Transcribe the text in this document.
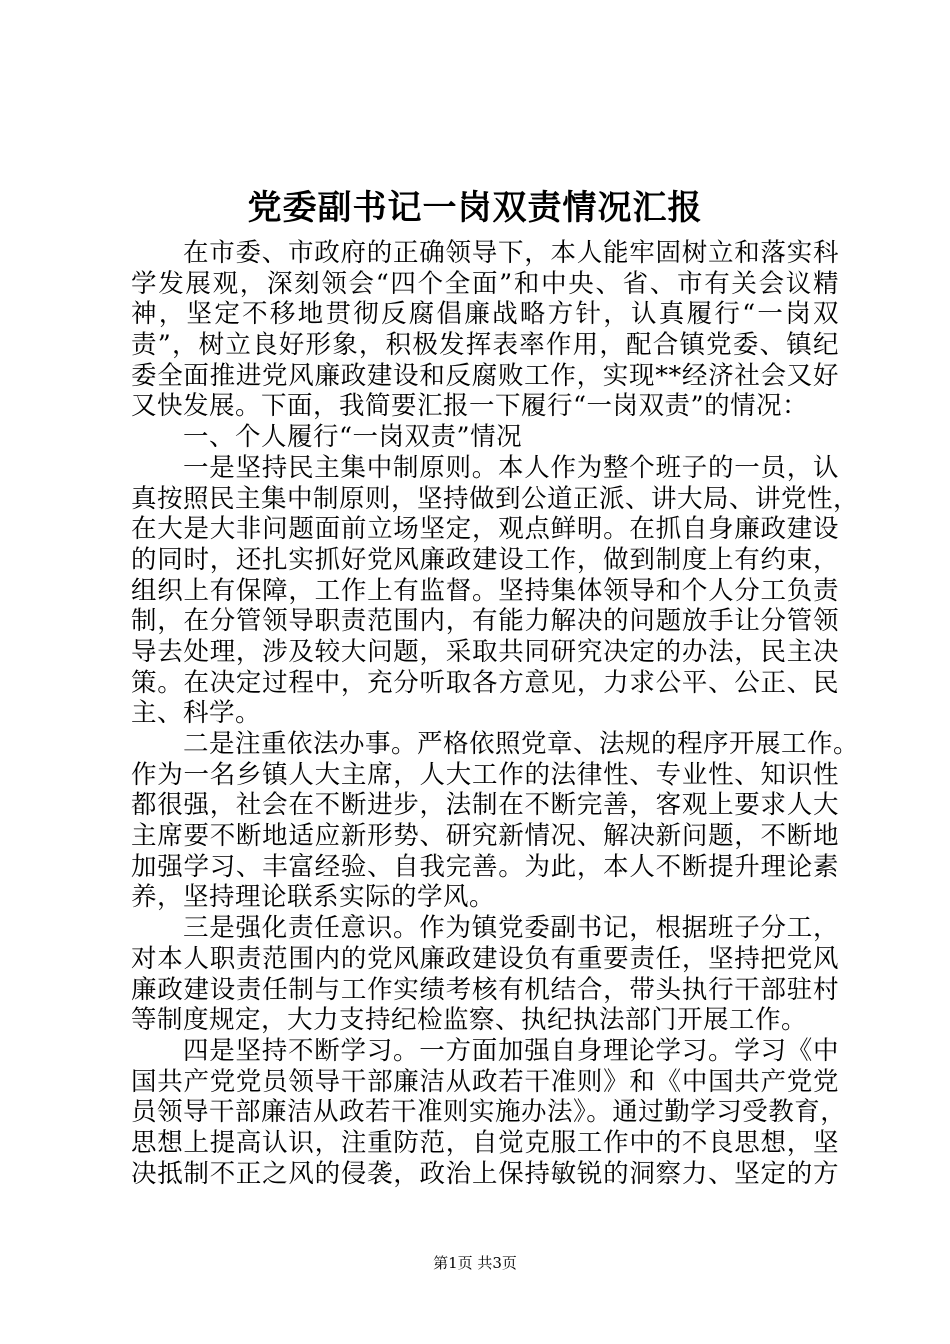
党委副书记一岗双责情况汇报
在市委、市政府的正确领导下，本人能牢固树立和落实科
学发展观，深刻领会“四个全面”和中央、省、市有关会议精
神，坚定不移地贯彻反腐倡廉战略方针，认真履行“一岗双
责”，树立良好形象，积极发挥表率作用，配合镇党委、镇纪
委全面推进党风廉政建设和反腐败工作，实现**经济社会又好
又快发展。下面，我简要汇报一下履行“一岗双责”的情况：
一、个人履行“一岗双责”情况
一是坚持民主集中制原则。本人作为整个班子的一员，认
真按照民主集中制原则，坚持做到公道正派、讲大局、讲党性，
在大是大非问题面前立场坚定，观点鲜明。在抓自身廉政建设
的同时，还扎实抓好党风廉政建设工作，做到制度上有约束，
组织上有保障，工作上有监督。坚持集体领导和个人分工负责
制，在分管领导职责范围内，有能力解决的问题放手让分管领
导去处理，涉及较大问题，采取共同研究决定的办法，民主决
策。在决定过程中，充分听取各方意见，力求公平、公正、民
主、科学。
二是注重依法办事。严格依照党章、法规的程序开展工作。
作为一名乡镇人大主席，人大工作的法律性、专业性、知识性
都很强，社会在不断进步，法制在不断完善，客观上要求人大
主席要不断地适应新形势、研究新情况、解决新问题，不断地
加强学习、丰富经验、自我完善。为此，本人不断提升理论素
养，坚持理论联系实际的学风。
三是强化责任意识。作为镇党委副书记，根据班子分工，
对本人职责范围内的党风廉政建设负有重要责任，坚持把党风
廉政建设责任制与工作实绩考核有机结合，带头执行干部驻村
等制度规定，大力支持纪检监察、执纪执法部门开展工作。
四是坚持不断学习。一方面加强自身理论学习。学习《中
国共产党党员领导干部廉洁从政若干准则》和《中国共产党党
员领导干部廉洁从政若干准则实施办法》。通过勤学习受教育，
思想上提高认识，注重防范，自觉克服工作中的不良思想，坚
决抵制不正之风的侵袭，政治上保持敏锐的洞察力、坚定的方
第1页 共3页
